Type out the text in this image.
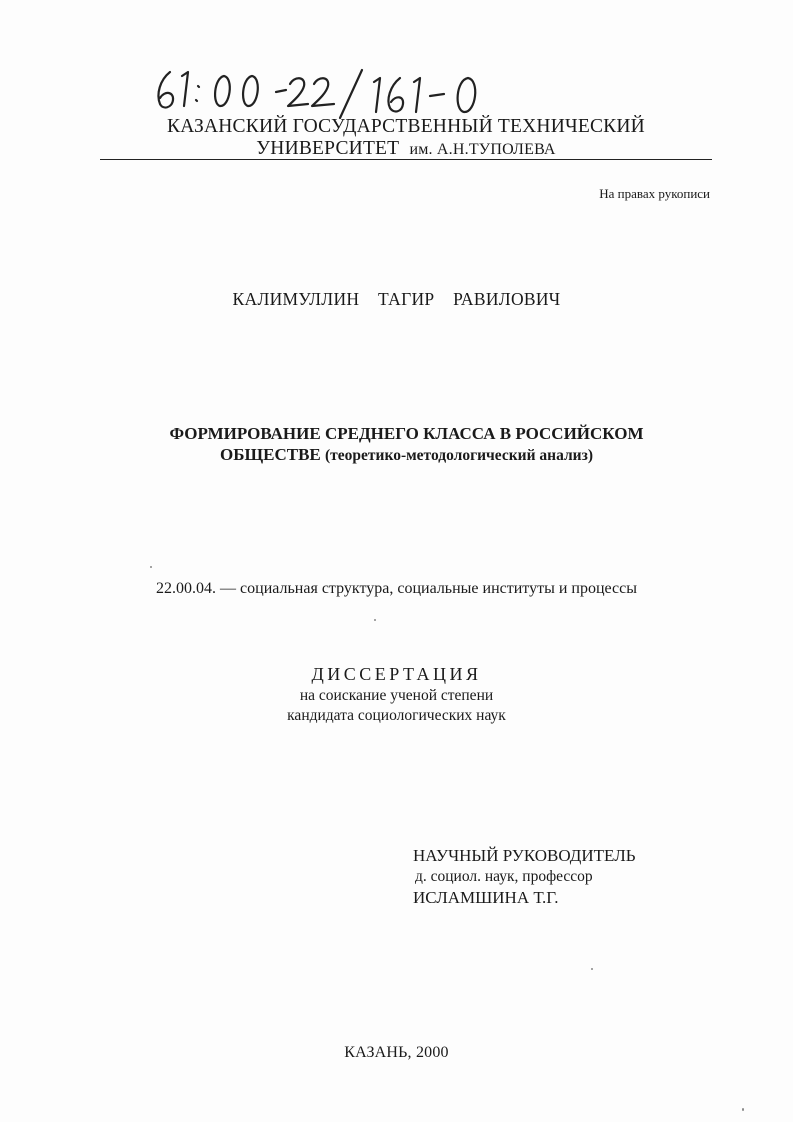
КАЗАНСКИЙ ГОСУДАРСТВЕННЫЙ ТЕХНИЧЕСКИЙ
УНИВЕРСИТЕТ им. А.Н.ТУПОЛЕВА
На правах рукописи
КАЛИМУЛЛИН ТАГИР РАВИЛОВИЧ
ФОРМИРОВАНИЕ СРЕДНЕГО КЛАССА В РОССИЙСКОМ
ОБЩЕСТВЕ (теоретико-методологический анализ)
22.00.04. — социальная структура, социальные институты и процессы
ДИССЕРТАЦИЯ
на соискание ученой степени
кандидата социологических наук
НАУЧНЫЙ РУКОВОДИТЕЛЬ
д. социол. наук, профессор
ИСЛАМШИНА Т.Г.
КАЗАНЬ, 2000
